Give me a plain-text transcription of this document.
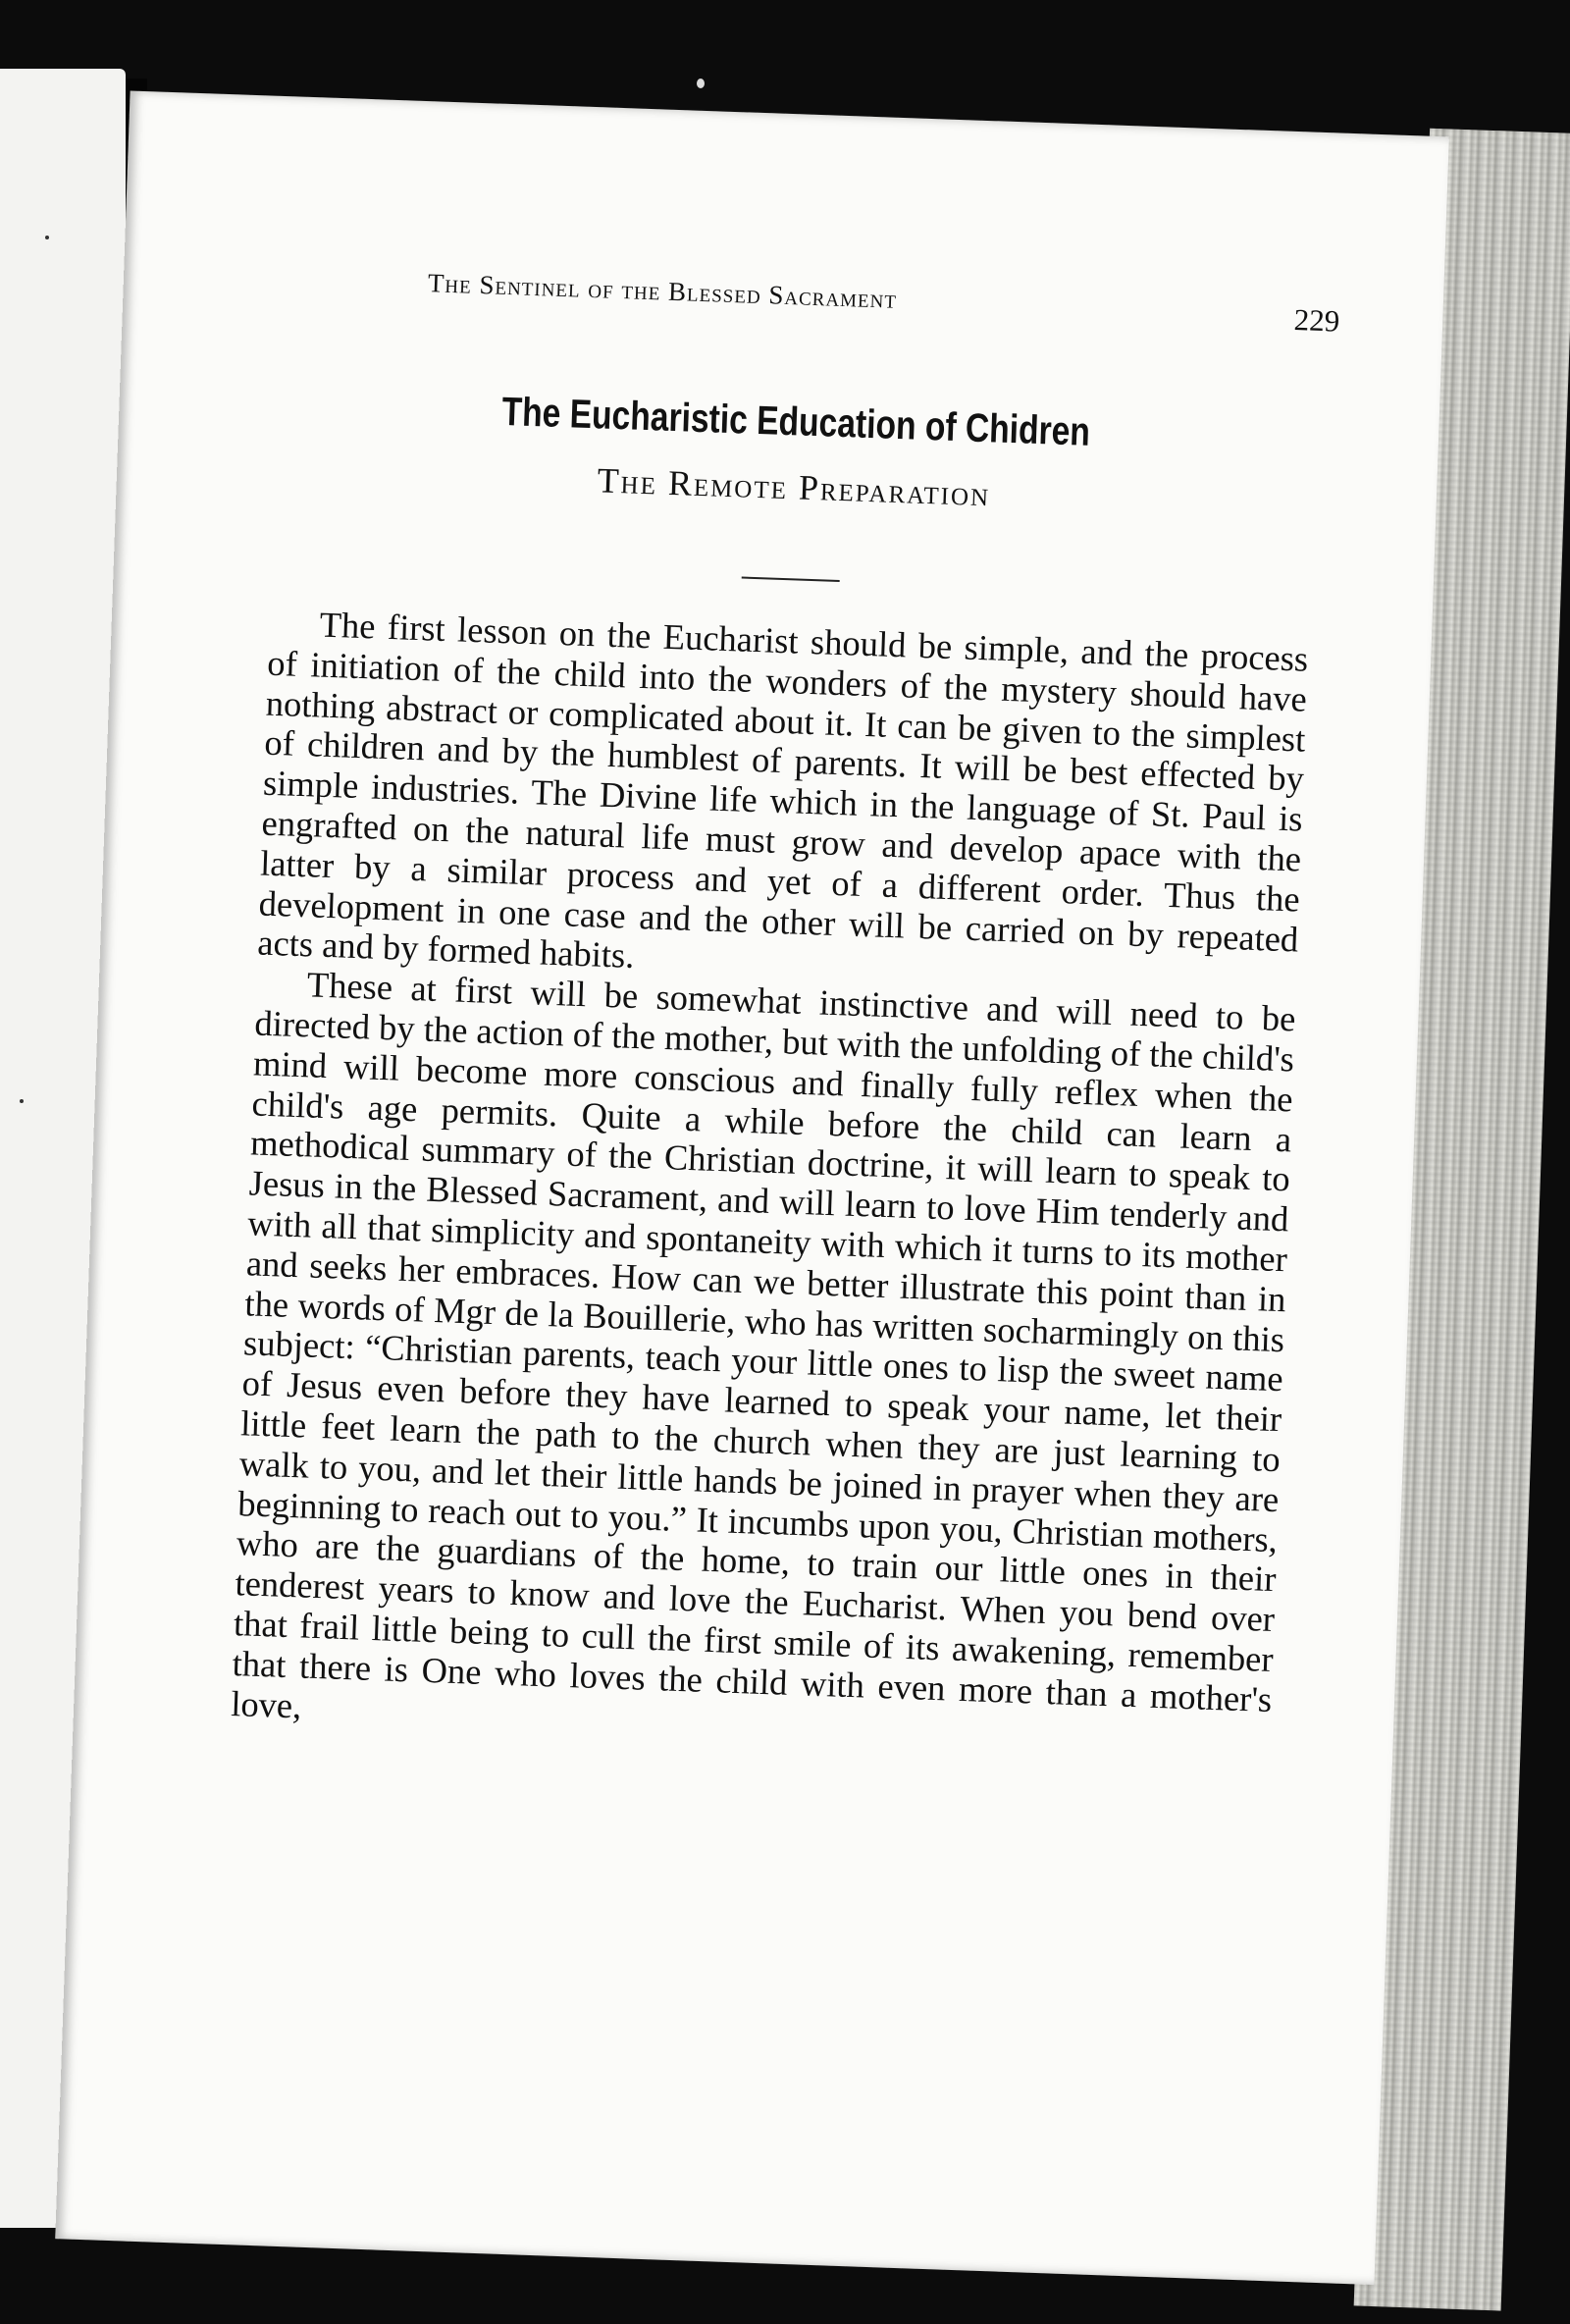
The Sentinel of the Blessed Sacrament
229
The Eucharistic Education of Chidren
The Remote Preparation

The first lesson on the Eucharist should be simple, and the process of initiation of the child into the wonders of the mystery should have nothing abstract or complicated about it. It can be given to the simplest of children and by the humblest of parents. It will be best effected by simple industries. The Divine life which in the language of St. Paul is engrafted on the natural life must grow and develop apace with the latter by a similar process and yet of a different order. Thus the development in one case and the other will be carried on by repeated acts and by formed habits.

These at first will be somewhat instinctive and will need to be directed by the action of the mother, but with the unfolding of the child's mind will become more conscious and finally fully reflex when the child's age permits. Quite a while before the child can learn a methodical summary of the Christian doctrine, it will learn to speak to Jesus in the Blessed Sacrament, and will learn to love Him tenderly and with all that simplicity and spontaneity with which it turns to its mother and seeks her embraces. How can we better illustrate this point than in the words of Mgr de la Bouillerie, who has written socharmingly on this subject: “Christian parents, teach your little ones to lisp the sweet name of Jesus even before they have learned to speak your name, let their little feet learn the path to the church when they are just learning to walk to you, and let their little hands be joined in prayer when they are beginning to reach out to you.” It incumbs upon you, Christian mothers, who are the guardians of the home, to train our little ones in their tenderest years to know and love the Eucharist. When you bend over that frail little being to cull the first smile of its awakening, remember that there is One who loves the child with even more than a mother's love,
